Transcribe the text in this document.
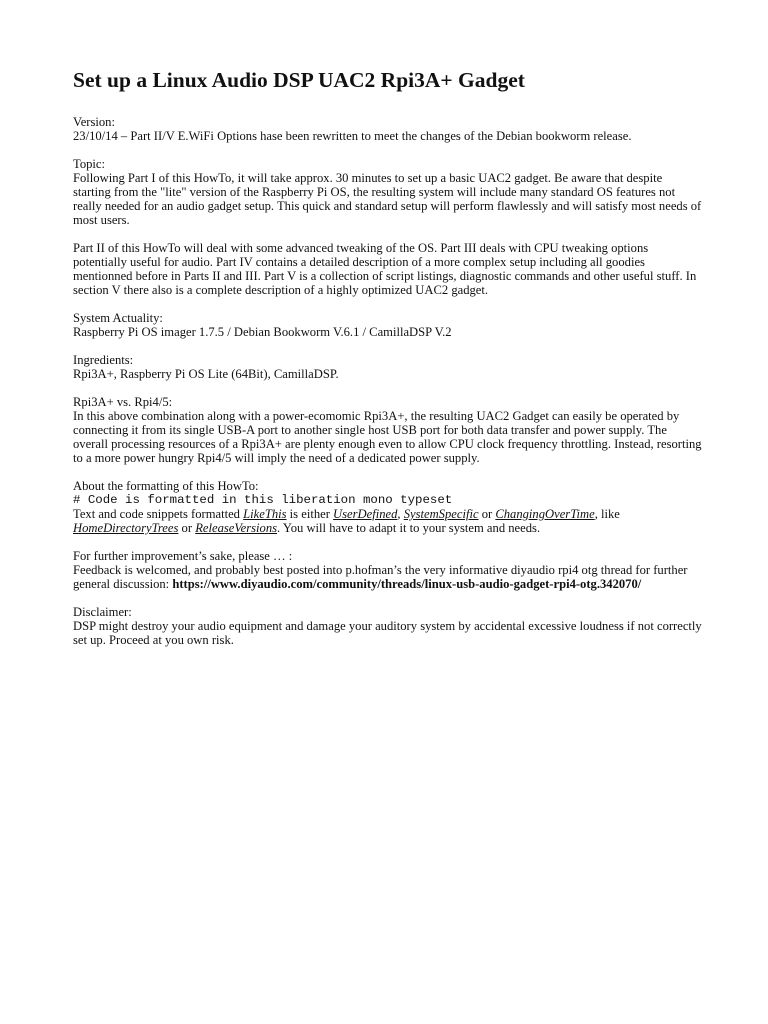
Set up a Linux Audio DSP UAC2 Rpi3A+ Gadget

Version:

23/10/14 – Part II/V E.WiFi Options hase been rewritten to meet the changes of the Debian bookworm release.

Topic:

Following Part I of this HowTo, it will take approx. 30 minutes to set up a basic UAC2 gadget. Be aware that despite starting from the "lite" version of the Raspberry Pi OS, the resulting system will include many standard OS features not really needed for an audio gadget setup. This quick and standard setup will perform flawlessly and will satisfy most needs of most users.

Part II of this HowTo will deal with some advanced tweaking of the OS. Part III deals with CPU tweaking options potentially useful for audio. Part IV contains a detailed description of a more complex setup including all goodies mentionned before in Parts II and III. Part V is a collection of script listings, diagnostic commands and other useful stuff. In section V there also is a complete description of a highly optimized UAC2 gadget.

System Actuality:

Raspberry Pi OS imager 1.7.5 / Debian Bookworm V.6.1 / CamillaDSP V.2

Ingredients:

Rpi3A+, Raspberry Pi OS Lite (64Bit), CamillaDSP.

Rpi3A+ vs. Rpi4/5:

In this above combination along with a power-ecomomic Rpi3A+, the resulting UAC2 Gadget can easily be operated by connecting it from its single USB-A port to another single host USB port for both data transfer and power supply. The overall processing resources of a Rpi3A+ are plenty enough even to allow CPU clock frequency throttling. Instead, resorting to a more power hungry Rpi4/5 will imply the need of a dedicated power supply.

About the formatting of this HowTo:

# Code is formatted in this liberation mono typeset

Text and code snippets formatted LikeThis is either UserDefined, SystemSpecific or ChangingOverTime, like HomeDirectoryTrees or ReleaseVersions. You will have to adapt it to your system and needs.

For further improvement’s sake, please … :

Feedback is welcomed, and probably best posted into p.hofman’s the very informative diyaudio rpi4 otg thread for further general discussion: https://www.diyaudio.com/community/threads/linux-usb-audio-gadget-rpi4-otg.342070/

Disclaimer:

DSP might destroy your audio equipment and damage your auditory system by accidental excessive loudness if not correctly set up. Proceed at you own risk.
